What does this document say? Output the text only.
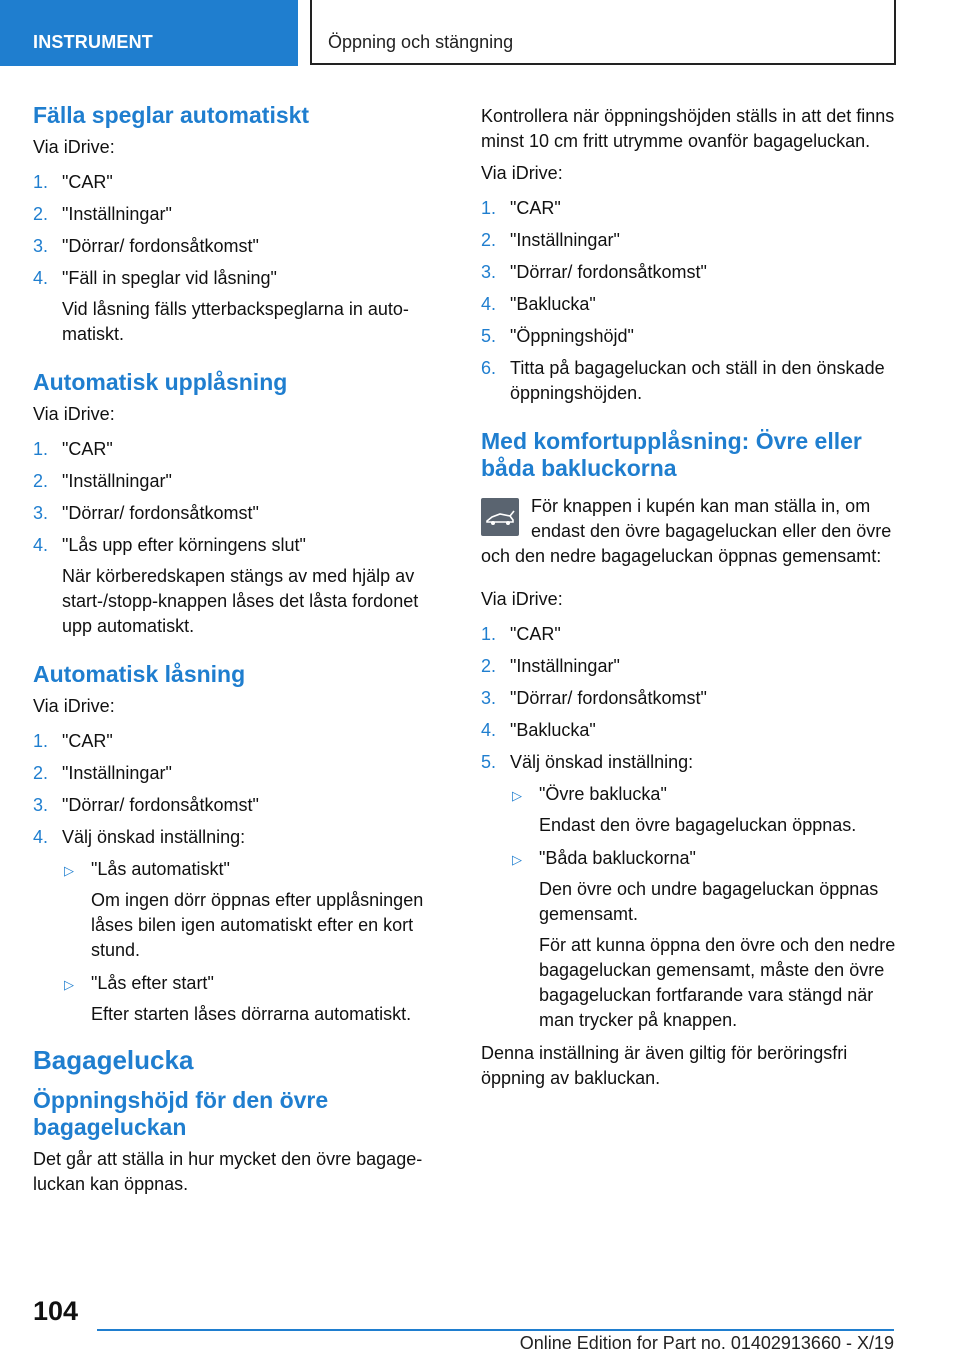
INSTRUMENT	Öppning och stängning
Fälla speglar automatiskt

Via iDrive:

1. "CAR"
2. "Inställningar"
3. "Dörrar/ fordonsåtkomst"
4. "Fäll in speglar vid låsning"
Vid låsning fälls ytterbackspeglarna in automatiskt.
Automatisk upplåsning

Via iDrive:

1. "CAR"
2. "Inställningar"
3. "Dörrar/ fordonsåtkomst"
4. "Lås upp efter körningens slut"
När körberedskapen stängs av med hjälp av start-/stopp-knappen låses det låsta fordonet upp automatiskt.
Automatisk låsning

Via iDrive:

1. "CAR"
2. "Inställningar"
3. "Dörrar/ fordonsåtkomst"
4. Välj önskad inställning:
▷ "Lås automatiskt"
Om ingen dörr öppnas efter upplåsningen låses bilen igen automatiskt efter en kort stund.
▷ "Lås efter start"
Efter starten låses dörrarna automatiskt.
Bagagelucka
Öppningshöjd för den övre bagageluckan

Det går att ställa in hur mycket den övre bagageluckan kan öppnas.

Kontrollera när öppningshöjden ställs in att det finns minst 10 cm fritt utrymme ovanför bagageluckan.

Via iDrive:

1. "CAR"
2. "Inställningar"
3. "Dörrar/ fordonsåtkomst"
4. "Baklucka"
5. "Öppningshöjd"
6. Titta på bagageluckan och ställ in den önskade öppningshöjden.
Med komfortupplåsning: Övre eller båda bakluckorna

För knappen i kupén kan man ställa in, om endast den övre bagageluckan eller den övre och den nedre bagageluckan öppnas gemensamt:

Via iDrive:

1. "CAR"
2. "Inställningar"
3. "Dörrar/ fordonsåtkomst"
4. "Baklucka"
5. Välj önskad inställning:
▷ "Övre baklucka"
Endast den övre bagageluckan öppnas.
▷ "Båda bakluckorna"
Den övre och undre bagageluckan öppnas gemensamt.
För att kunna öppna den övre och den nedre bagageluckan gemensamt, måste den övre bagageluckan fortfarande vara stängd när man trycker på knappen.

Denna inställning är även giltig för beröringsfri öppning av bakluckan.

104
Online Edition for Part no. 01402913660 - X/19
